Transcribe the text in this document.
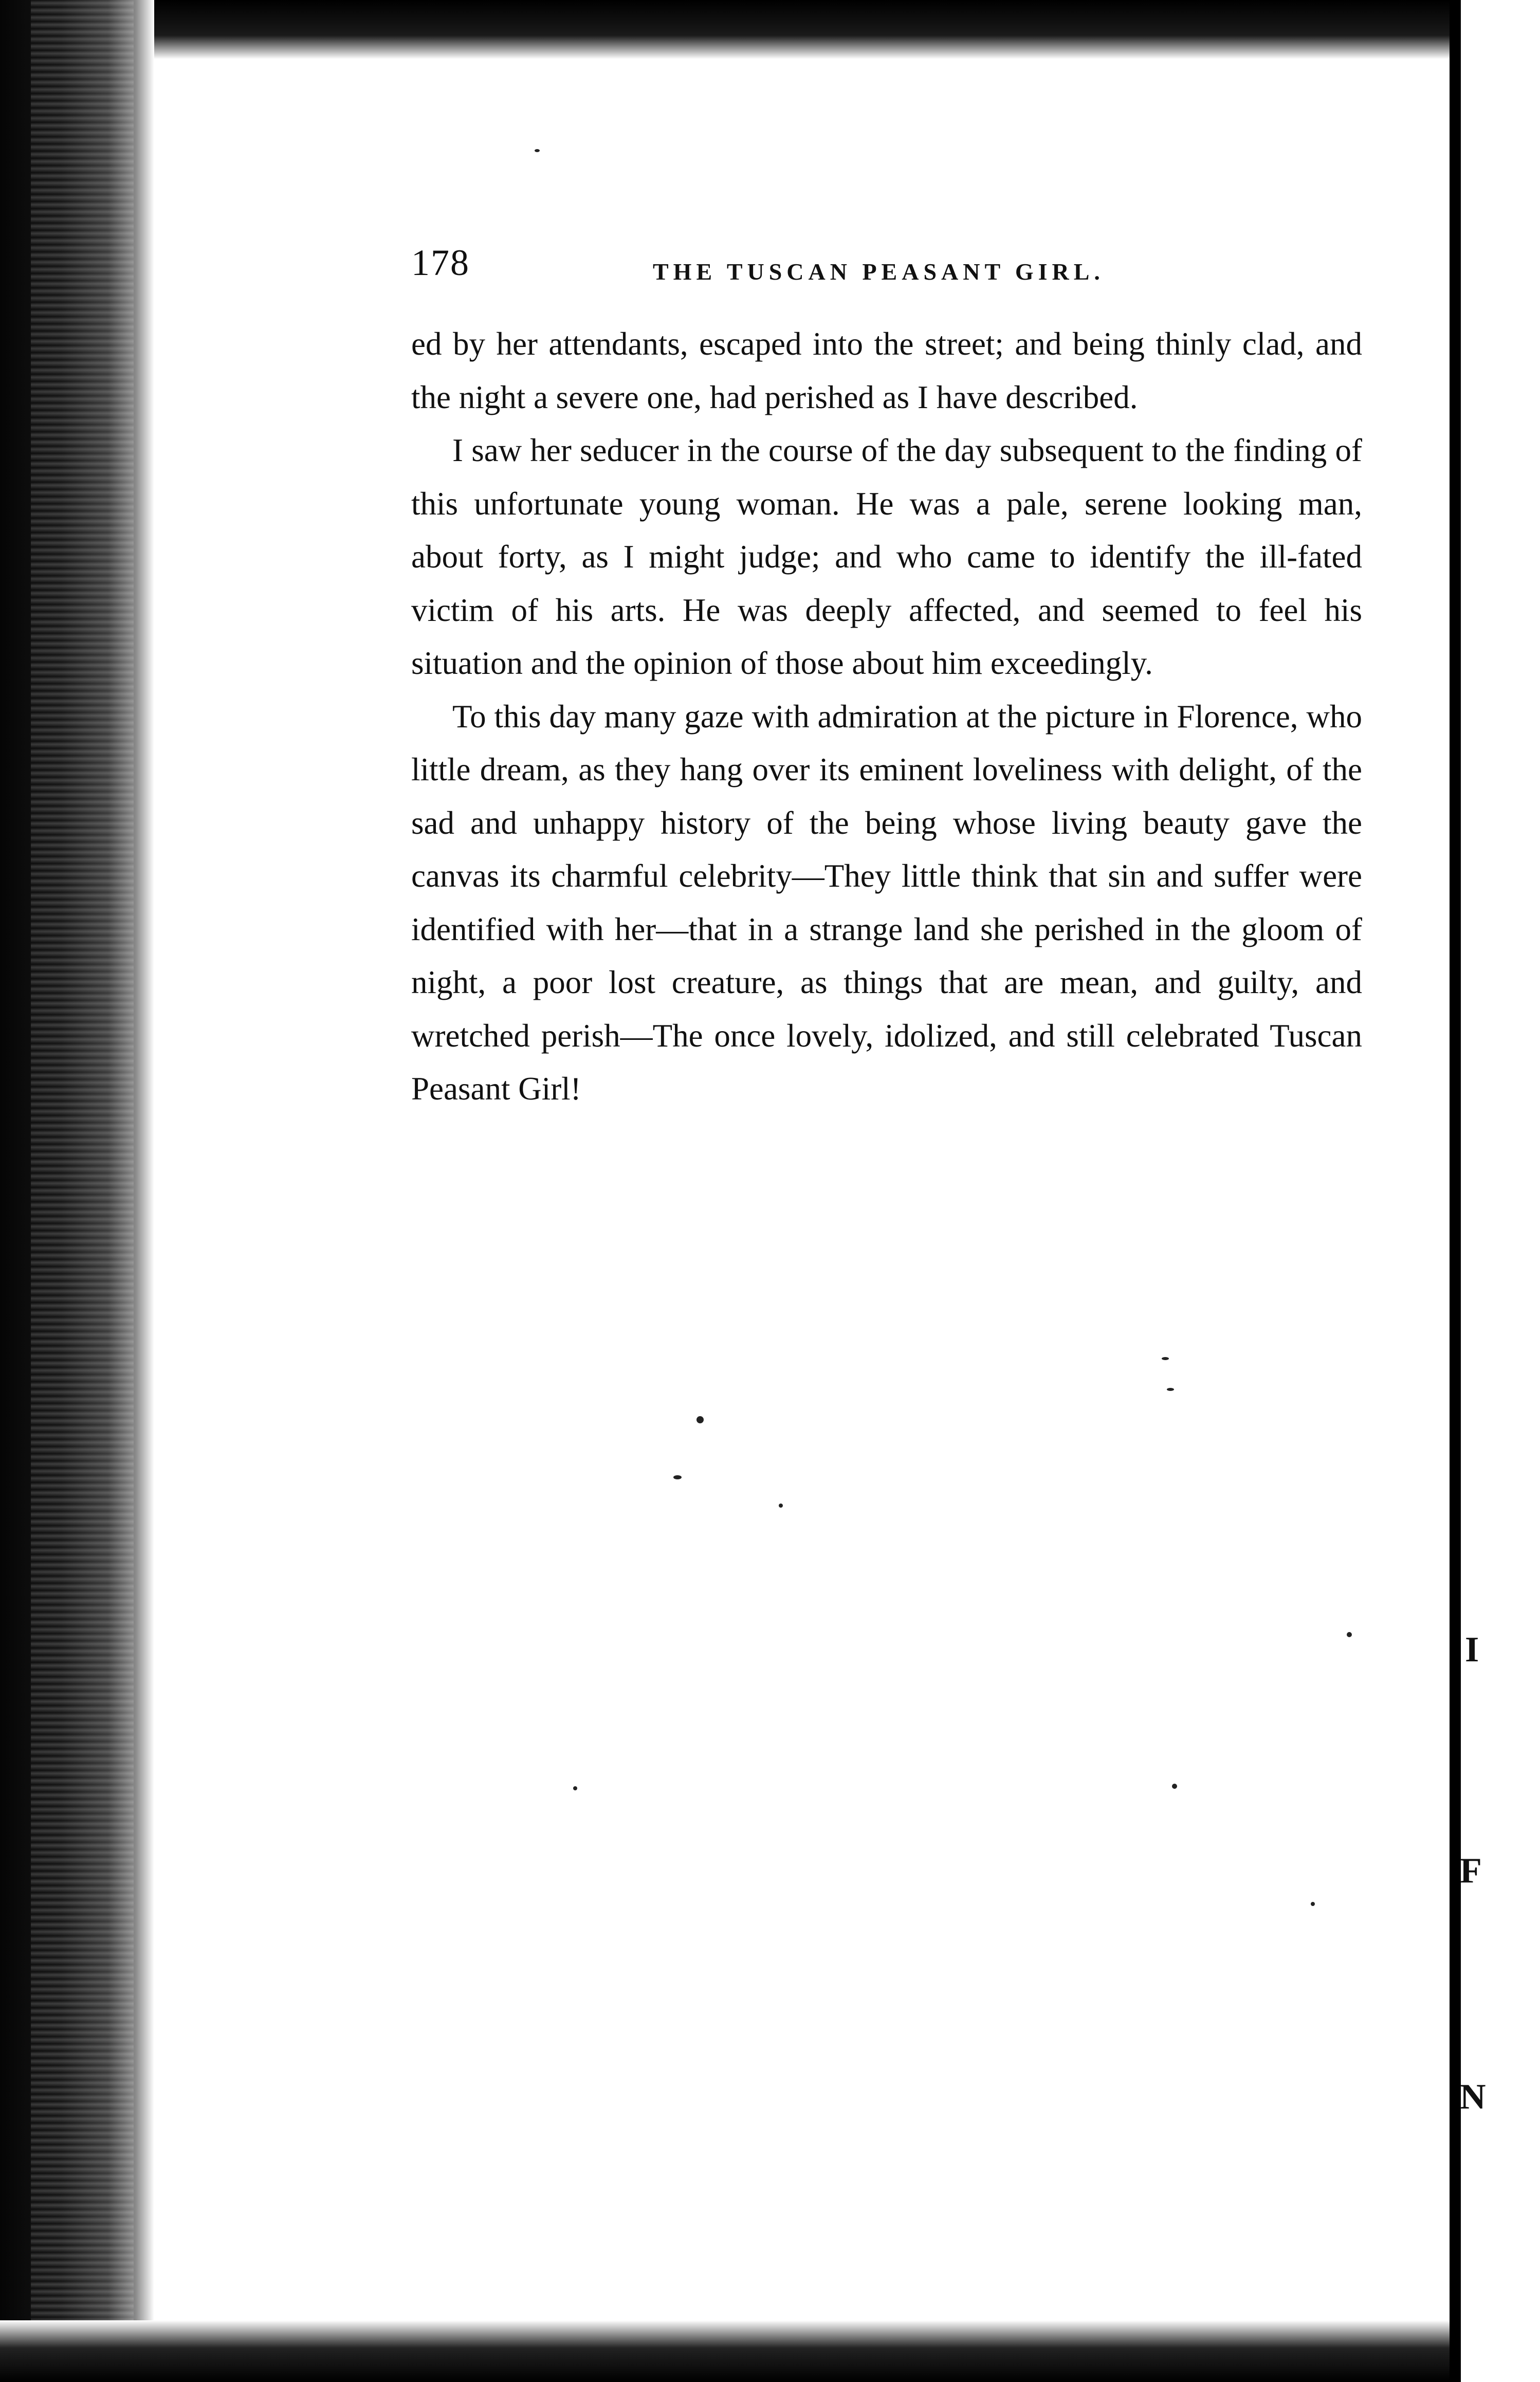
I
F
N
178	THE TUSCAN PEASANT GIRL.

ed by her attendants, escaped into the street; and being thinly clad, and the night a severe one, had perished as I have described.

I saw her seducer in the course of the day subsequent to the finding of this unfortunate young woman. He was a pale, serene looking man, about forty, as I might judge; and who came to identify the ill-fated victim of his arts. He was deeply affected, and seemed to feel his situation and the opinion of those about him exceedingly.

To this day many gaze with admiration at the picture in Florence, who little dream, as they hang over its eminent loveliness with delight, of the sad and unhappy history of the being whose living beauty gave the canvas its charmful celebrity—They little think that sin and suffer were identified with her—that in a strange land she perished in the gloom of night, a poor lost creature, as things that are mean, and guilty, and wretched perish—The once lovely, idolized, and still celebrated Tuscan Peasant Girl!
